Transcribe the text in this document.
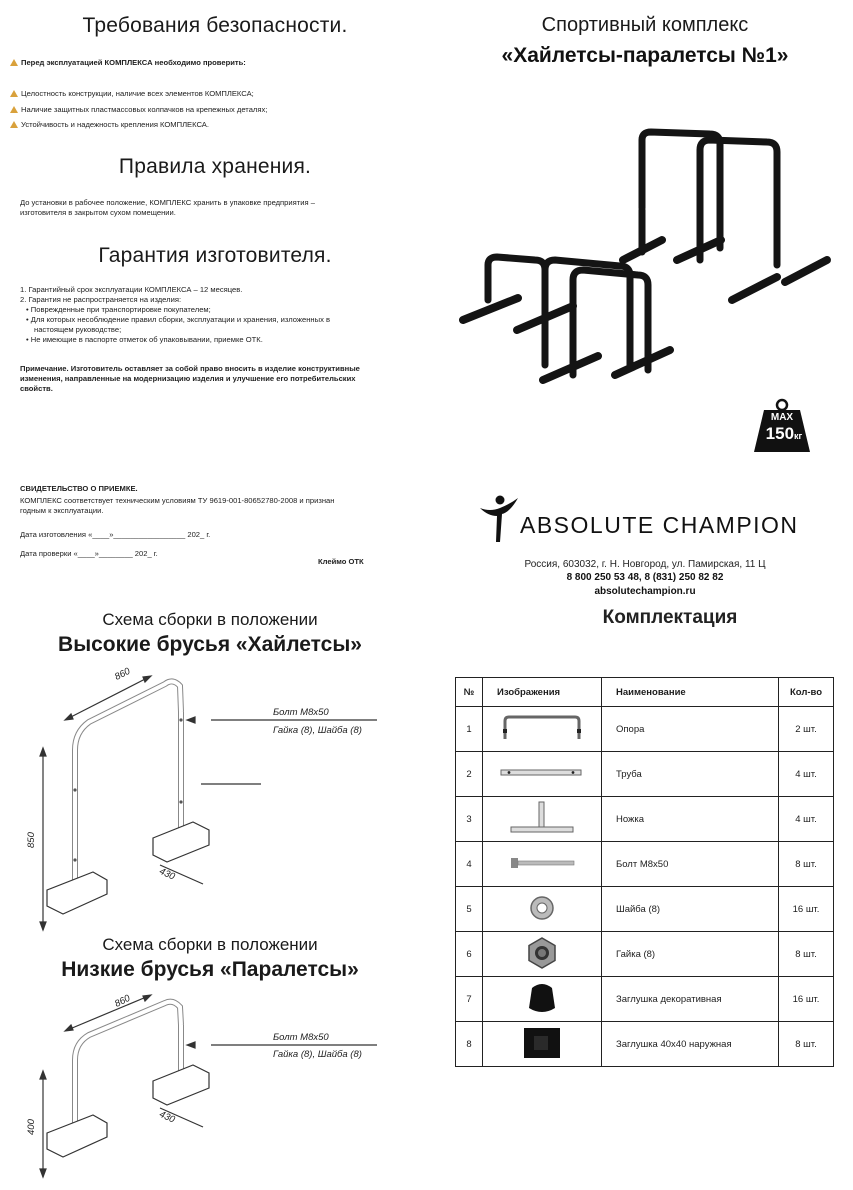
Требования безопасности.
Перед эксплуатацией КОМПЛЕКСА необходимо проверить:
Целостность конструкции, наличие всех элементов КОМПЛЕКСА;
Наличие защитных пластмассовых колпачков на крепежных деталях;
Устойчивость и надежность крепления КОМПЛЕКСА.
Правила хранения.
До установки в рабочее положение, КОМПЛЕКС хранить в упаковке предприятия –
изготовителя в закрытом сухом помещении.
Гарантия изготовителя.
1. Гарантийный срок эксплуатации КОМПЛЕКСА – 12 месяцев.
2. Гарантия не распространяется на изделия:
• Поврежденные при транспортировке покупателем;
• Для которых несоблюдение правил сборки, эксплуатации и хранения, изложенных в
настоящем руководстве;
• Не имеющие в паспорте отметок об упаковывании, приемке ОТК.
Примечание. Изготовитель оставляет за собой право вносить в изделие конструктивные
изменения, направленные на модернизацию изделия и улучшение его потребительских
свойств.
СВИДЕТЕЛЬСТВО О ПРИЕМКЕ.
КОМПЛЕКС соответствует техническим условиям ТУ 9619-001-80652780-2008 и признан
годным к эксплуатации.
Дата изготовления «____»_________________ 202_ г.
Дата проверки «____»________ 202_ г.
Клеймо ОТК
Спортивный комплекс
«Хайлетсы-паралетсы №1»
MAX
150кг
ABSOLUTE CHAMPION
Россия, 603032, г. Н. Новгород, ул. Памирская, 11 Ц
8 800 250 53 48, 8 (831) 250 82 82
absolutechampion.ru
Комплектация
№	Изображения	Наименование	Кол-во
1		Опора	2 шт.
2		Труба	4 шт.
3		Ножка	4 шт.
4		Болт М8х50	8 шт.
5		Шайба (8)	16 шт.
6		Гайка (8)	8 шт.
7		Заглушка декоративная	16 шт.
8		Заглушка 40х40 наружная	8 шт.
Схема сборки в положении
Высокие брусья «Хайлетсы»
860
850
430
Болт М8х50
Гайка (8), Шайба (8)
Схема сборки в положении
Низкие брусья «Паралетсы»
860
400
430
Болт М8х50
Гайка (8), Шайба (8)
